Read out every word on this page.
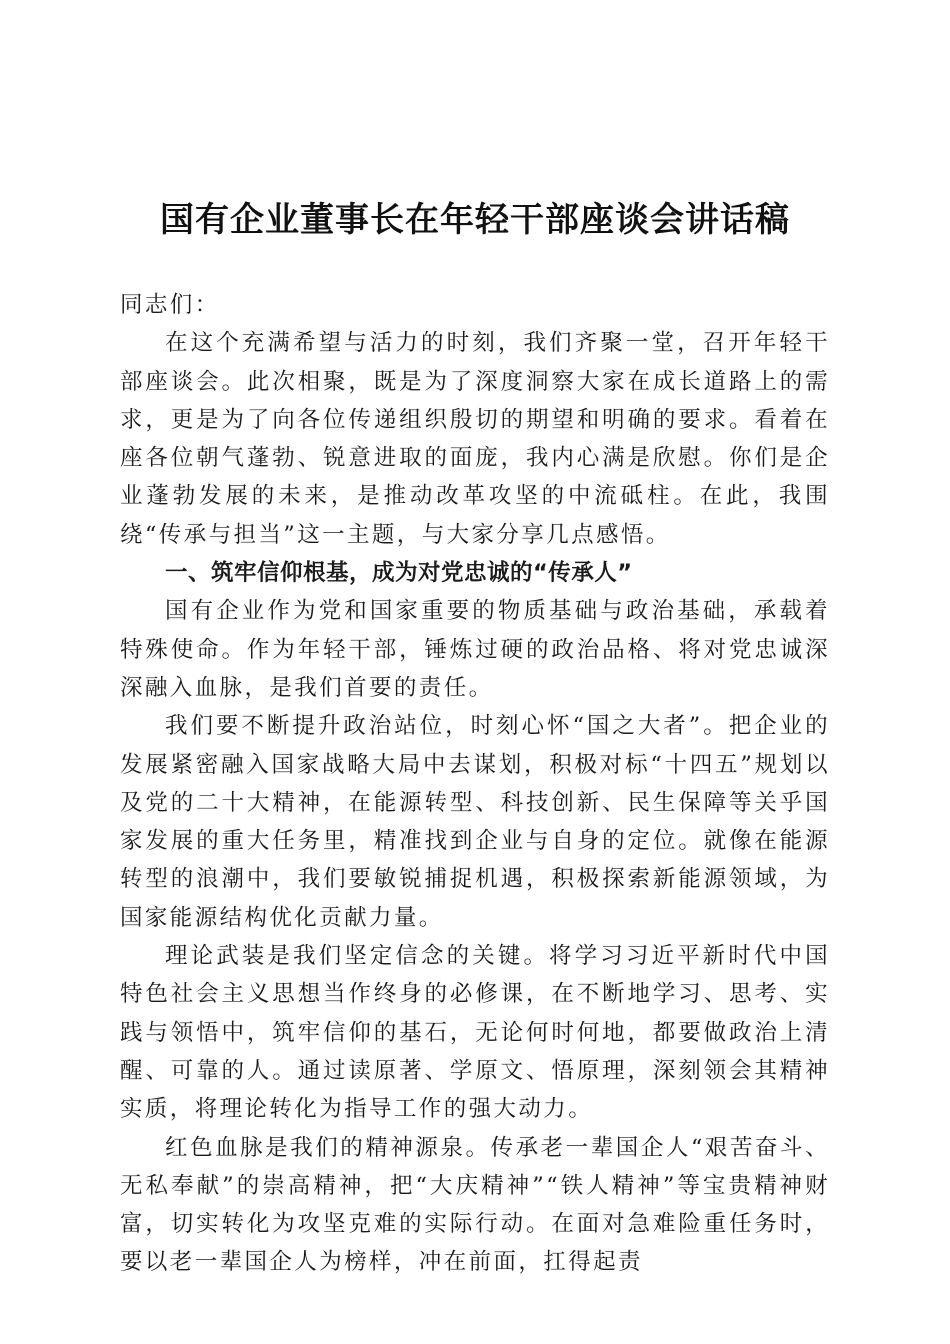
国有企业董事长在年轻干部座谈会讲话稿

同志们：

在这个充满希望与活力的时刻，我们齐聚一堂，召开年轻干部座谈会。此次相聚，既是为了深度洞察大家在成长道路上的需求，更是为了向各位传递组织殷切的期望和明确的要求。看着在座各位朝气蓬勃、锐意进取的面庞，我内心满是欣慰。你们是企业蓬勃发展的未来，是推动改革攻坚的中流砥柱。在此，我围绕“传承与担当”这一主题，与大家分享几点感悟。

一、筑牢信仰根基，成为对党忠诚的“传承人”

国有企业作为党和国家重要的物质基础与政治基础，承载着特殊使命。作为年轻干部，锤炼过硬的政治品格、将对党忠诚深深融入血脉，是我们首要的责任。

我们要不断提升政治站位，时刻心怀“国之大者”。把企业的发展紧密融入国家战略大局中去谋划，积极对标“十四五”规划以及党的二十大精神，在能源转型、科技创新、民生保障等关乎国家发展的重大任务里，精准找到企业与自身的定位。就像在能源转型的浪潮中，我们要敏锐捕捉机遇，积极探索新能源领域，为国家能源结构优化贡献力量。

理论武装是我们坚定信念的关键。将学习习近平新时代中国特色社会主义思想当作终身的必修课，在不断地学习、思考、实践与领悟中，筑牢信仰的基石，无论何时何地，都要做政治上清醒、可靠的人。通过读原著、学原文、悟原理，深刻领会其精神实质，将理论转化为指导工作的强大动力。

红色血脉是我们的精神源泉。传承老一辈国企人“艰苦奋斗、无私奉献”的崇高精神，把“大庆精神”“铁人精神”等宝贵精神财富，切实转化为攻坚克难的实际行动。在面对急难险重任务时，要以老一辈国企人为榜样，冲在前面，扛得起责
